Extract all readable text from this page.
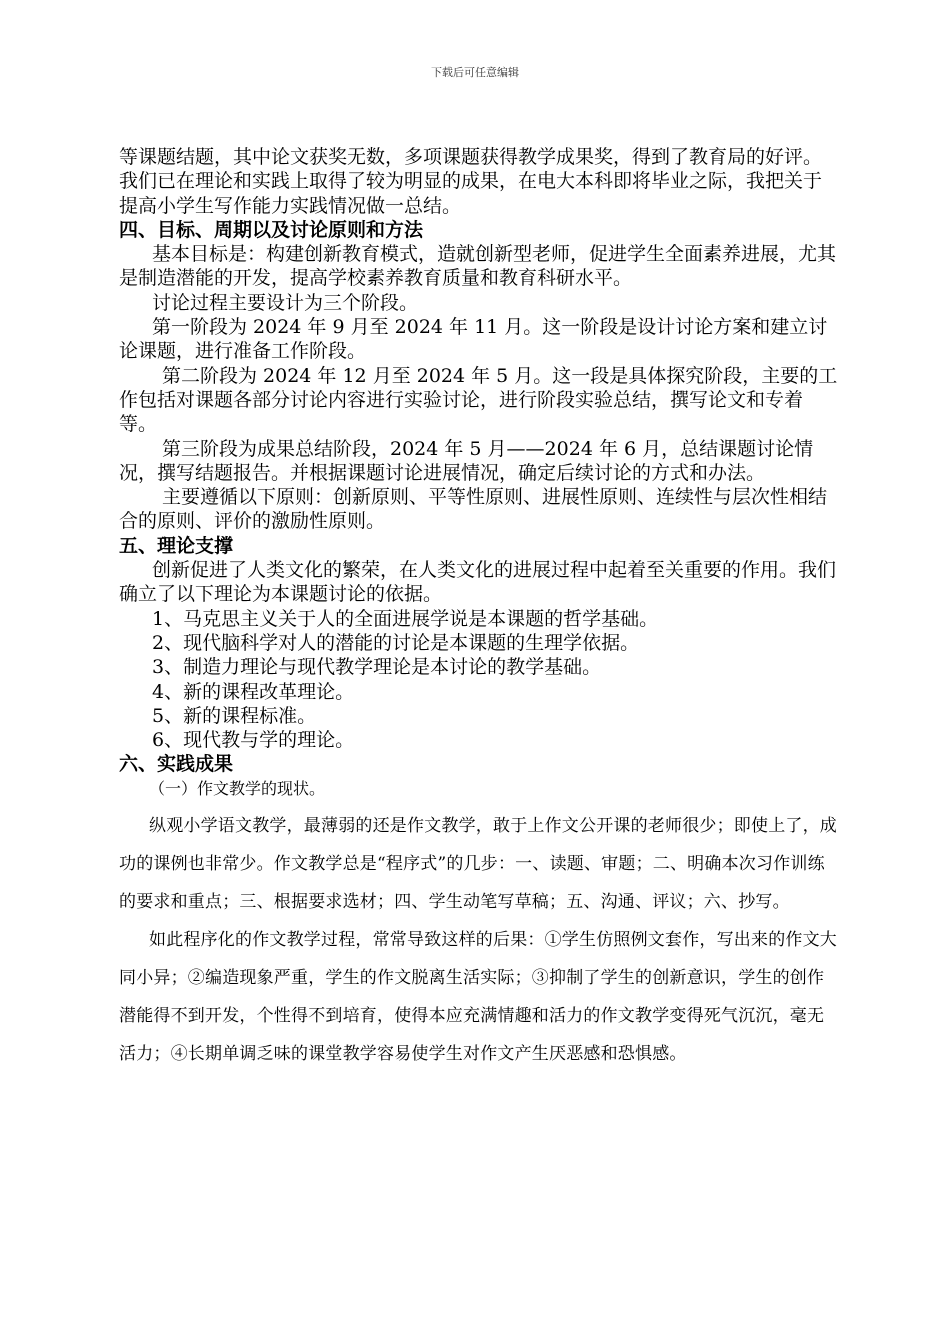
下载后可任意编辑

等课题结题，其中论文获奖无数，多项课题获得教学成果奖，得到了教育局的好评。我们已在理论和实践上取得了较为明显的成果，在电大本科即将毕业之际，我把关于提高小学生写作能力实践情况做一总结。

四、目标、周期以及讨论原则和方法

基本目标是：构建创新教育模式，造就创新型老师，促进学生全面素养进展，尤其是制造潜能的开发，提高学校素养教育质量和教育科研水平。

讨论过程主要设计为三个阶段。

第一阶段为 2024 年 9 月至 2024 年 11 月。这一阶段是设计讨论方案和建立讨论课题，进行准备工作阶段。

第二阶段为 2024 年 12 月至 2024 年 5 月。这一段是具体探究阶段，主要的工作包括对课题各部分讨论内容进行实验讨论，进行阶段实验总结，撰写论文和专着等。

第三阶段为成果总结阶段，2024 年 5 月——2024 年 6 月，总结课题讨论情况，撰写结题报告。并根据课题讨论进展情况，确定后续讨论的方式和办法。

主要遵循以下原则：创新原则、平等性原则、进展性原则、连续性与层次性相结合的原则、评价的激励性原则。

五、理论支撑

创新促进了人类文化的繁荣，在人类文化的进展过程中起着至关重要的作用。我们确立了以下理论为本课题讨论的依据。

1、马克思主义关于人的全面进展学说是本课题的哲学基础。

2、现代脑科学对人的潜能的讨论是本课题的生理学依据。

3、制造力理论与现代教学理论是本讨论的教学基础。

4、新的课程改革理论。

5、新的课程标准。

6、现代教与学的理论。

六、实践成果

（一）作文教学的现状。

纵观小学语文教学，最薄弱的还是作文教学，敢于上作文公开课的老师很少；即使上了，成功的课例也非常少。作文教学总是“程序式”的几步：一、读题、审题；二、明确本次习作训练的要求和重点；三、根据要求选材；四、学生动笔写草稿；五、沟通、评议；六、抄写。

如此程序化的作文教学过程，常常导致这样的后果：①学生仿照例文套作，写出来的作文大同小异；②编造现象严重，学生的作文脱离生活实际；③抑制了学生的创新意识，学生的创作潜能得不到开发，个性得不到培育，使得本应充满情趣和活力的作文教学变得死气沉沉，毫无活力；④长期单调乏味的课堂教学容易使学生对作文产生厌恶感和恐惧感。
